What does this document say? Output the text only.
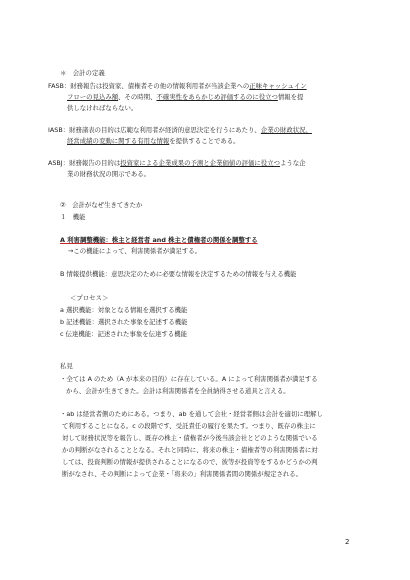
＊　会計の定義
FASB：財務報告は投資家、債権者その他の情報利用者が当該企業への正味キャッシュイン
フローの見込み額、その時期、不確実性をあらかじめ評価するのに役立つ情報を提
供しなければならない。
IASB：財務諸表の目的は広範な利用者が経済的意思決定を行うにあたり、企業の財政状況、
経営成績の変動に関する有用な情報を提供することである。
ASBJ：財務報告の目的は投資家による企業成果の予測と企業価値の評価に役立つような企
業の財務状況の開示である。
②　会計がなぜ生きてきたか
１　機能
A 利害調整機能：株主と経営者 and 株主と債権者の関係を調整する
→この機能によって、利害関係者が満足する。
B 情報提供機能：意思決定のために必要な情報を決定するための情報を与える機能
＜プロセス＞
a 選択機能：対象となる情報を選択する機能
b 記述機能：選択された事象を記述する機能
c 伝達機能：記述された事象を伝達する機能
私見
・全ては A のため（A が本来の目的）に存在している。A によって利害関係者が満足する
から、会計が生きてきた。会計は利害関係者を全員納得させる道具と言える。
・ab は経営者側のためにある。つまり、ab を通して会社・経営者側は会計を適切に理解し
て利用することになる。c の段階です、受託責任の履行を果たす。つまり、既存の株主に
対して財務状況等を報告し、既存の株主・債権者が今後当該会社とどのような関係でいる
かの判断がなされることとなる。それと同時に、将来の株主・債権者等の利害関係者に対
しては、投資判断の情報が提供されることになるので、彼等が投資等をするかどうかの判
断がなされ、その判断によって企業・「将来の」利害関係者間の関係が規定される。
2
